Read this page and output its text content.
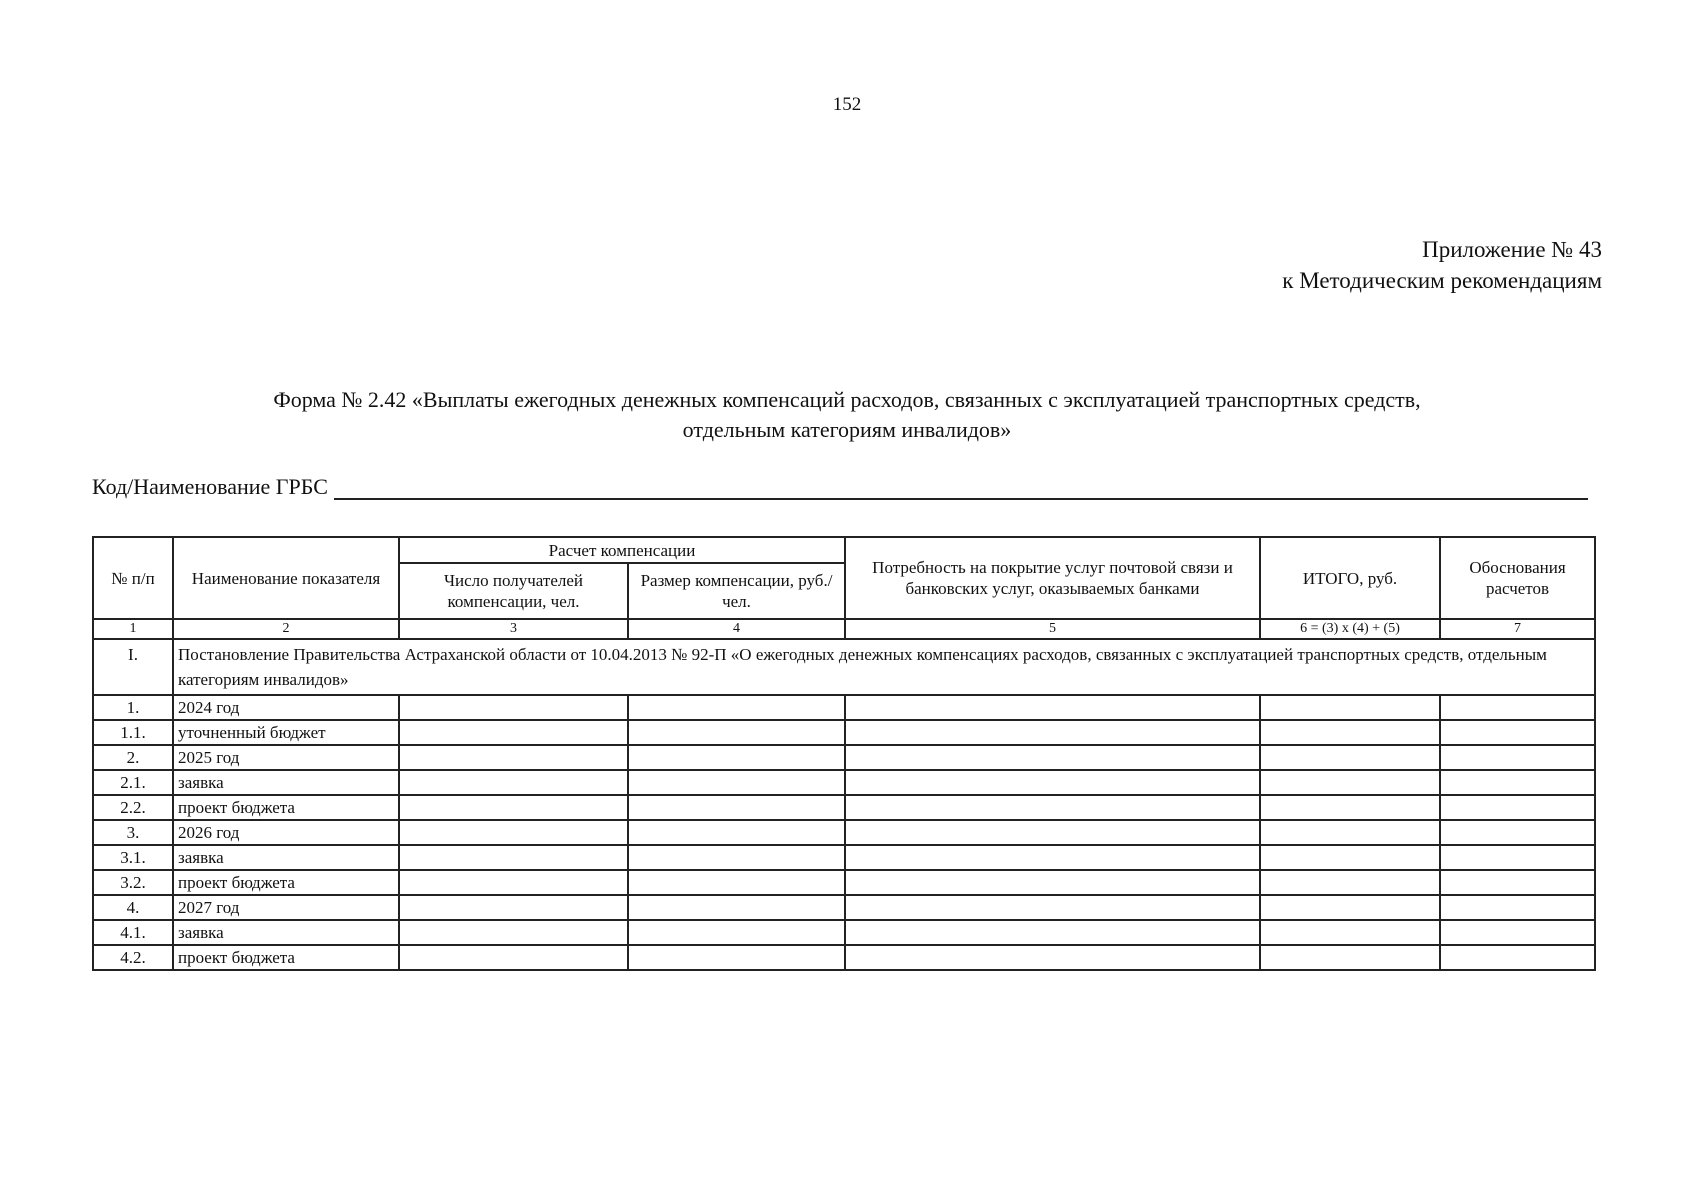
152
Приложение № 43
к Методическим рекомендациям
Форма № 2.42 «Выплаты ежегодных денежных компенсаций расходов, связанных с эксплуатацией транспортных средств,
отдельным категориям инвалидов»
Код/Наименование ГРБС
№ п/п	Наименование показателя	Расчет компенсации		Потребность на покрытие услуг почтовой связи и банковских услуг, оказываемых банками	ИТОГО, руб.	Обоснования расчетов
		Число получателей компенсации, чел.	Размер компенсации, руб./чел.			
1	2	3	4	5	6 = (3) x (4) + (5)	7
I.	Постановление Правительства Астраханской области от 10.04.2013 № 92-П «О ежегодных денежных компенсациях расходов, связанных с эксплуатацией транспортных средств, отдельным категориям инвалидов»					
1.	2024 год					
1.1.	уточненный бюджет					
2.	2025 год					
2.1.	заявка					
2.2.	проект бюджета					
3.	2026 год					
3.1.	заявка					
3.2.	проект бюджета					
4.	2027 год					
4.1.	заявка					
4.2.	проект бюджета					
